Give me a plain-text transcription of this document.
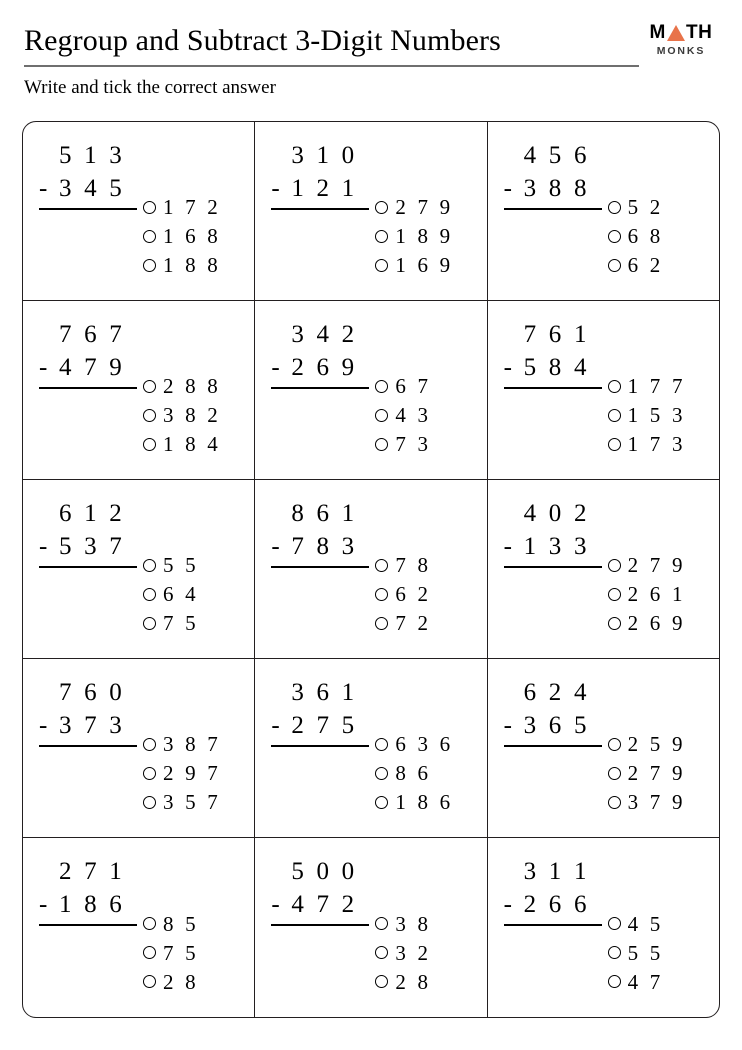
Regroup and Subtract 3-Digit Numbers

Write and tick the correct answer

M TH
MONKS
5 1 3
- 3 4 5
1 7 2
1 6 8
1 8 8
3 1 0
- 1 2 1
2 7 9
1 8 9
1 6 9
4 5 6
- 3 8 8
5 2
6 8
6 2
7 6 7
- 4 7 9
2 8 8
3 8 2
1 8 4
3 4 2
- 2 6 9
6 7
4 3
7 3
7 6 1
- 5 8 4
1 7 7
1 5 3
1 7 3
6 1 2
- 5 3 7
5 5
6 4
7 5
8 6 1
- 7 8 3
7 8
6 2
7 2
4 0 2
- 1 3 3
2 7 9
2 6 1
2 6 9
7 6 0
- 3 7 3
3 8 7
2 9 7
3 5 7
3 6 1
- 2 7 5
6 3 6
8 6
1 8 6
6 2 4
- 3 6 5
2 5 9
2 7 9
3 7 9
2 7 1
- 1 8 6
8 5
7 5
2 8
5 0 0
- 4 7 2
3 8
3 2
2 8
3 1 1
- 2 6 6
4 5
5 5
4 7
